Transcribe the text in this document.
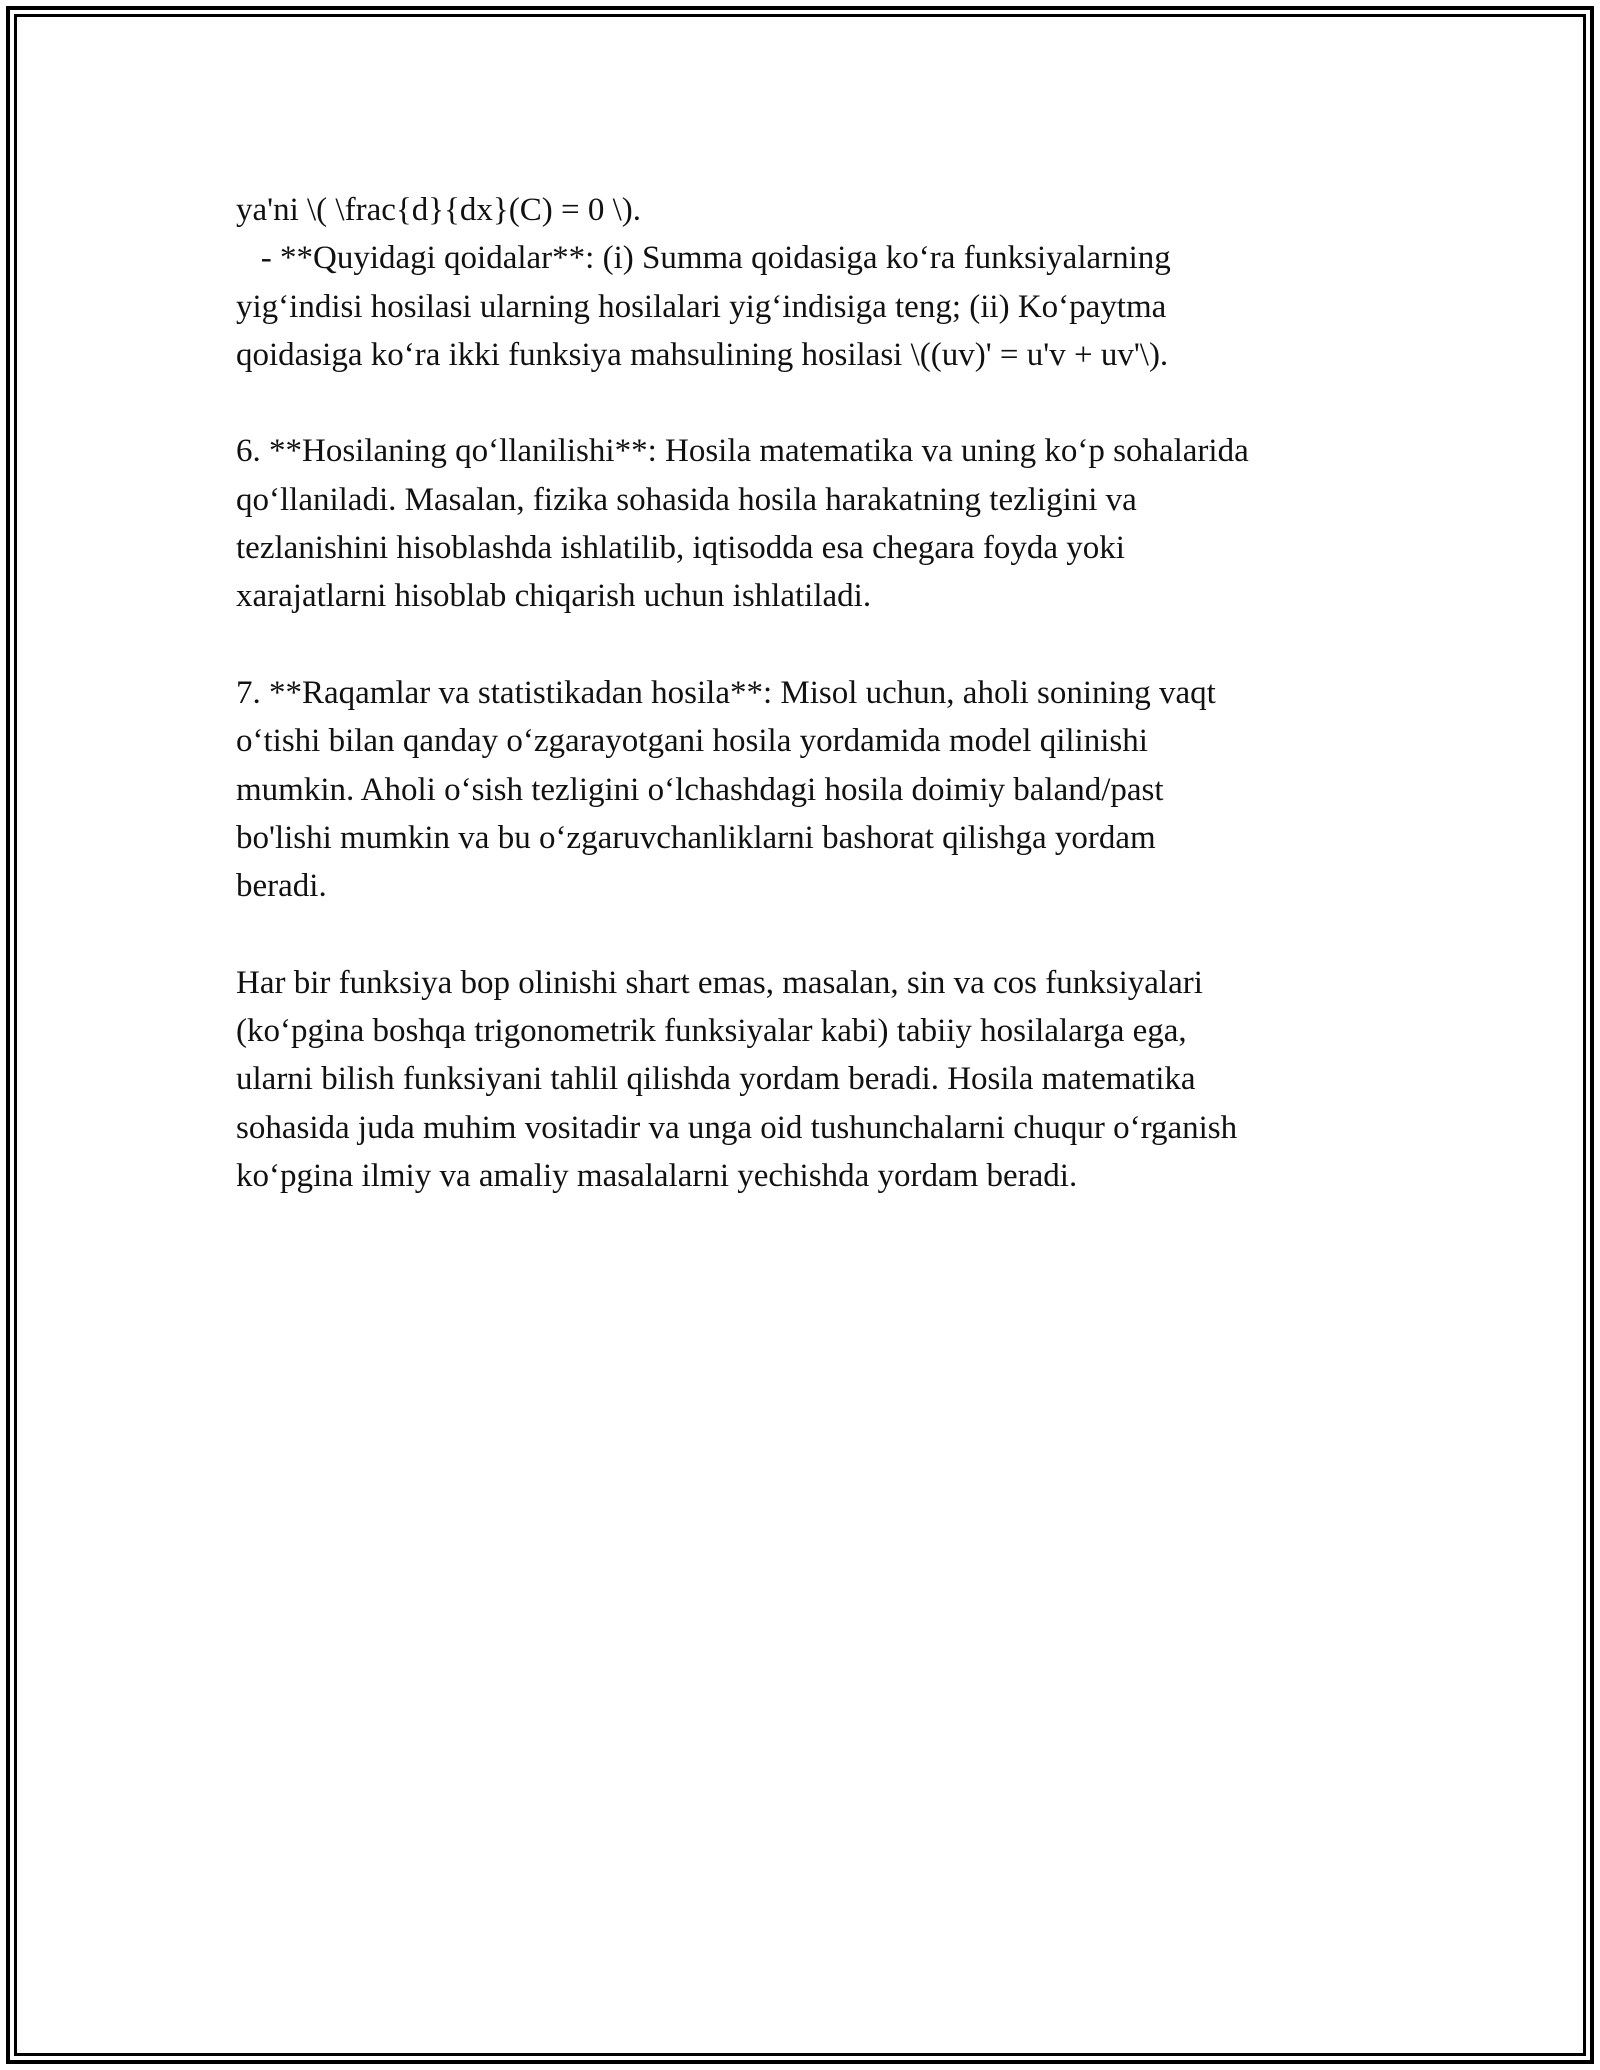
ya'ni \( \frac{d}{dx}(C) = 0 \).
- **Quyidagi qoidalar**: (i) Summa qoidasiga ko‘ra funksiyalarning
yig‘indisi hosilasi ularning hosilalari yig‘indisiga teng; (ii) Ko‘paytma
qoidasiga ko‘ra ikki funksiya mahsulining hosilasi \((uv)' = u'v + uv'\).
6. **Hosilaning qo‘llanilishi**: Hosila matematika va uning ko‘p sohalarida
qo‘llaniladi. Masalan, fizika sohasida hosila harakatning tezligini va
tezlanishini hisoblashda ishlatilib, iqtisodda esa chegara foyda yoki
xarajatlarni hisoblab chiqarish uchun ishlatiladi.
7. **Raqamlar va statistikadan hosila**: Misol uchun, aholi sonining vaqt
o‘tishi bilan qanday o‘zgarayotgani hosila yordamida model qilinishi
mumkin. Aholi o‘sish tezligini o‘lchashdagi hosila doimiy baland/past
bo'lishi mumkin va bu o‘zgaruvchanliklarni bashorat qilishga yordam
beradi.
Har bir funksiya bop olinishi shart emas, masalan, sin va cos funksiyalari
(ko‘pgina boshqa trigonometrik funksiyalar kabi) tabiiy hosilalarga ega,
ularni bilish funksiyani tahlil qilishda yordam beradi. Hosila matematika
sohasida juda muhim vositadir va unga oid tushunchalarni chuqur o‘rganish
ko‘pgina ilmiy va amaliy masalalarni yechishda yordam beradi.
